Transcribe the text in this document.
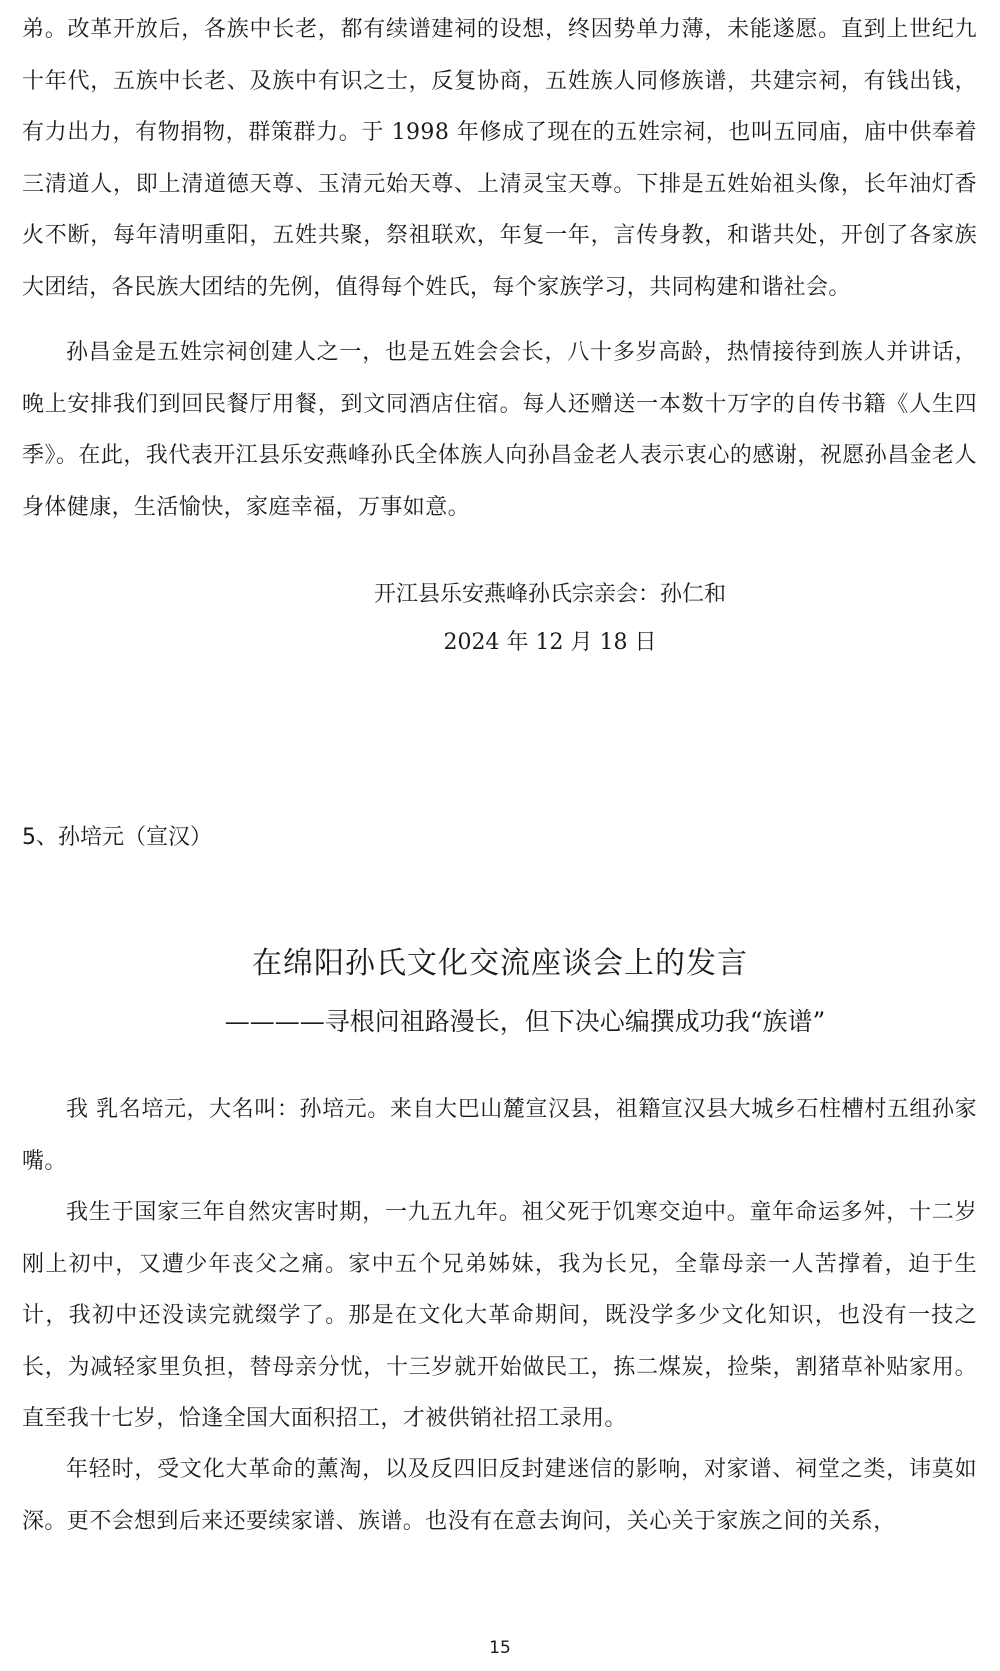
弟。改革开放后，各族中长老，都有续谱建祠的设想，终因势单力薄，未能遂愿。直到上世纪九十年代，五族中长老、及族中有识之士，反复协商，五姓族人同修族谱，共建宗祠，有钱出钱，有力出力，有物捐物，群策群力。于 1998 年修成了现在的五姓宗祠，也叫五同庙，庙中供奉着三清道人，即上清道德天尊、玉清元始天尊、上清灵宝天尊。下排是五姓始祖头像，长年油灯香火不断，每年清明重阳，五姓共聚，祭祖联欢，年复一年，言传身教，和谐共处，开创了各家族大团结，各民族大团结的先例，值得每个姓氏，每个家族学习，共同构建和谐社会。

孙昌金是五姓宗祠创建人之一，也是五姓会会长，八十多岁高龄，热情接待到族人并讲话，晚上安排我们到回民餐厅用餐，到文同酒店住宿。每人还赠送一本数十万字的自传书籍《人生四季》。在此，我代表开江县乐安燕峰孙氏全体族人向孙昌金老人表示衷心的感谢，祝愿孙昌金老人身体健康，生活愉快，家庭幸福，万事如意。

开江县乐安燕峰孙氏宗亲会：孙仁和

2024 年 12 月 18 日

5、孙培元（宣汉）

在绵阳孙氏文化交流座谈会上的发言
————寻根问祖路漫长，但下决心编撰成功我“族谱”

我 乳名培元，大名叫：孙培元。来自大巴山麓宣汉县，祖籍宣汉县大城乡石柱槽村五组孙家嘴。

我生于国家三年自然灾害时期，一九五九年。祖父死于饥寒交迫中。童年命运多舛，十二岁刚上初中，又遭少年丧父之痛。家中五个兄弟姊妹，我为长兄，全靠母亲一人苦撑着，迫于生计，我初中还没读完就缀学了。那是在文化大革命期间，既没学多少文化知识，也没有一技之长，为减轻家里负担，替母亲分忧，十三岁就开始做民工，拣二煤炭，捡柴，割猪草补贴家用。直至我十七岁，恰逢全国大面积招工，才被供销社招工录用。

年轻时，受文化大革命的薰淘，以及反四旧反封建迷信的影响，对家谱、祠堂之类，讳莫如深。更不会想到后来还要续家谱、族谱。也没有在意去询问，关心关于家族之间的关系，

15
